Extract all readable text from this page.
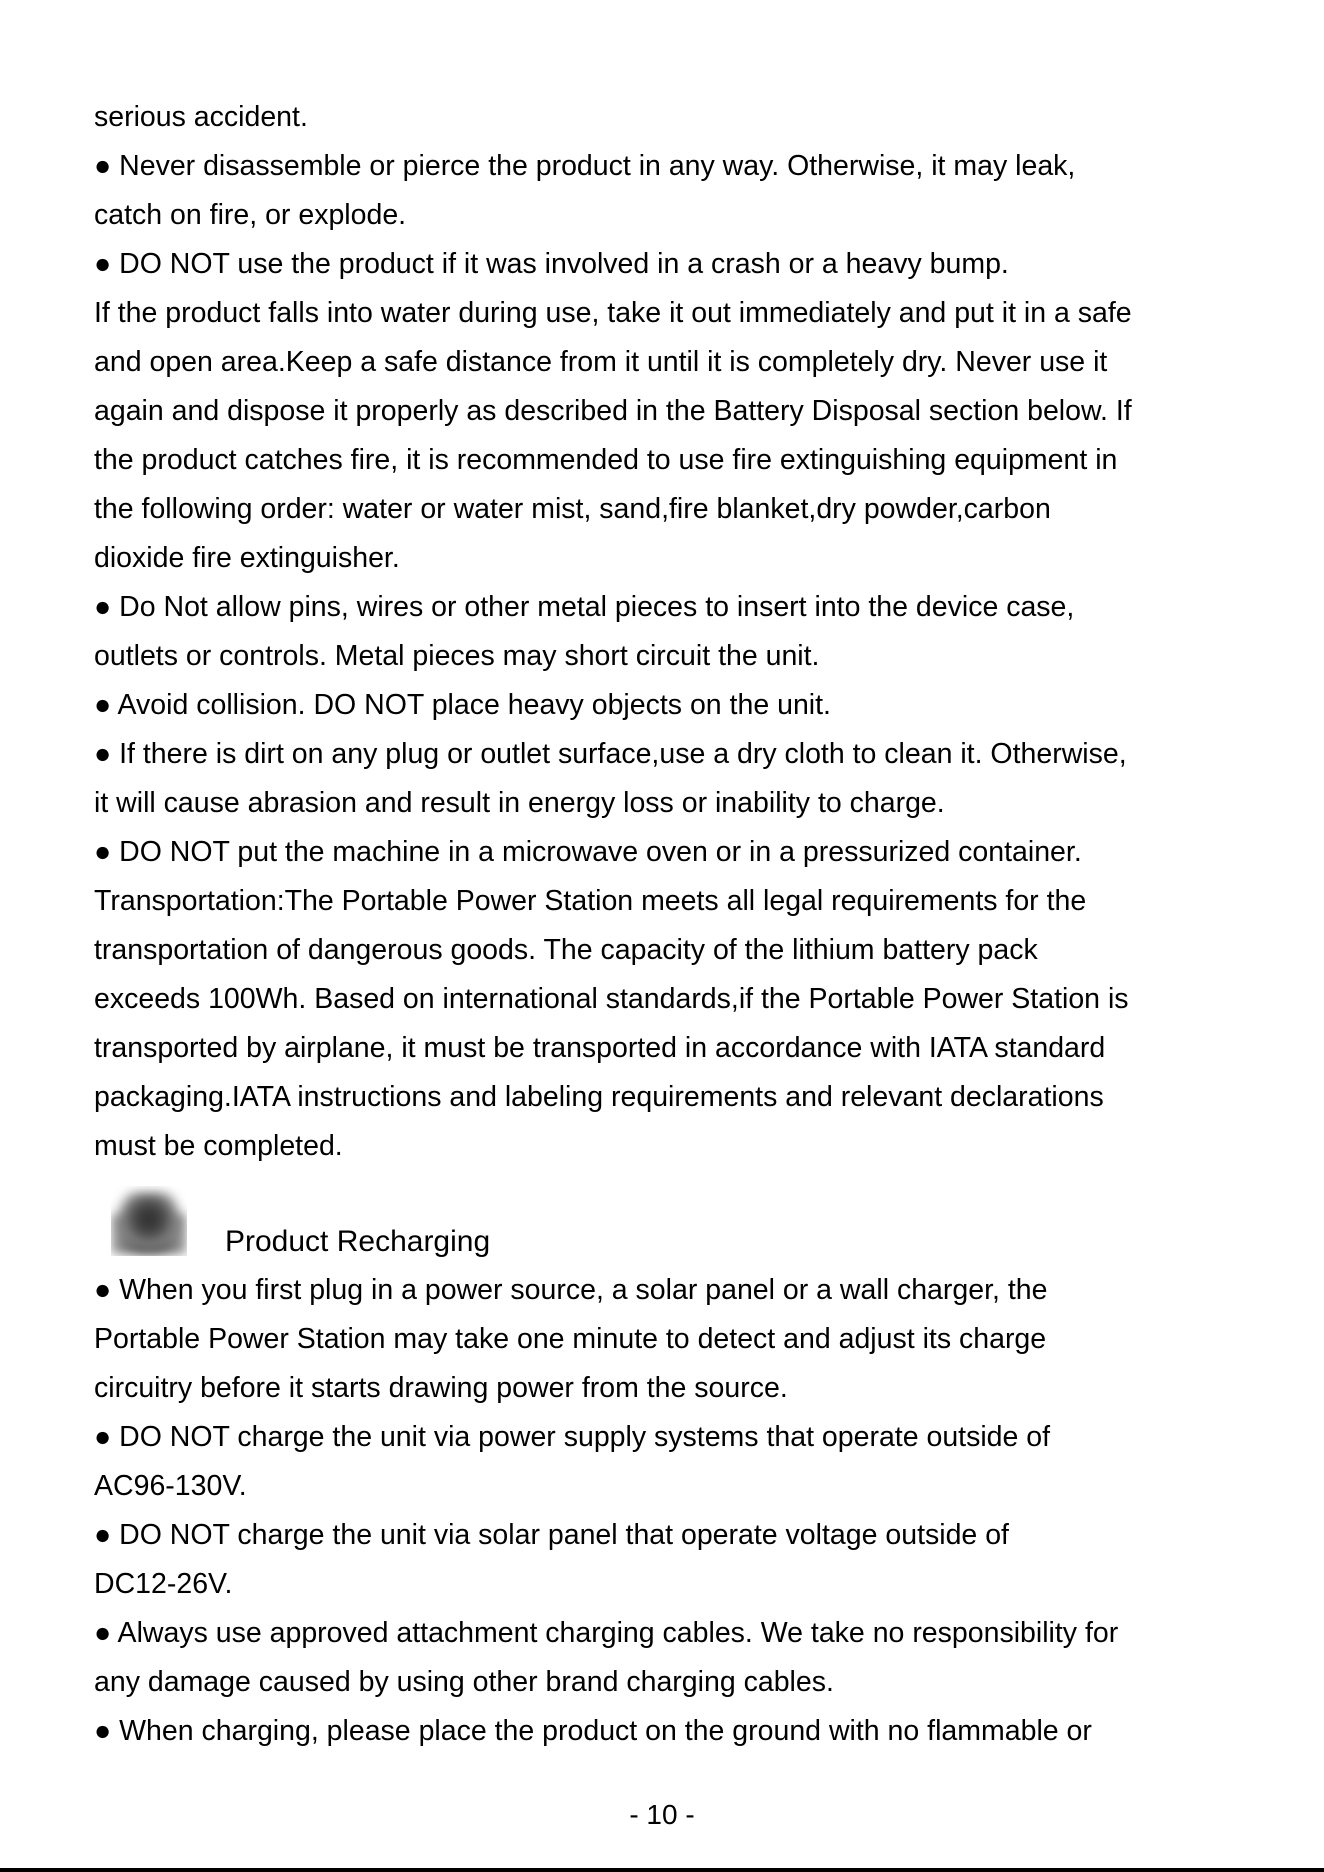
serious accident.
● Never disassemble or pierce the product in any way. Otherwise, it may leak,
catch on fire, or explode.
● DO NOT use the product if it was involved in a crash or a heavy bump.
If the product falls into water during use, take it out immediately and put it in a safe
and open area.Keep a safe distance from it until it is completely dry. Never use it
again and dispose it properly as described in the Battery Disposal section below. If
the product catches fire, it is recommended to use fire extinguishing equipment in
the following order: water or water mist, sand,fire blanket,dry powder,carbon
dioxide fire extinguisher.
● Do Not allow pins, wires or other metal pieces to insert into the device case,
outlets or controls. Metal pieces may short circuit the unit.
● Avoid collision. DO NOT place heavy objects on the unit.
● If there is dirt on any plug or outlet surface,use a dry cloth to clean it. Otherwise,
it will cause abrasion and result in energy loss or inability to charge.
● DO NOT put the machine in a microwave oven or in a pressurized container.
Transportation:The Portable Power Station meets all legal requirements for the
transportation of dangerous goods. The capacity of the lithium battery pack
exceeds 100Wh. Based on international standards,if the Portable Power Station is
transported by airplane, it must be transported in accordance with IATA standard
packaging.IATA instructions and labeling requirements and relevant declarations
must be completed.
Product Recharging
● When you first plug in a power source, a solar panel or a wall charger, the
Portable Power Station may take one minute to detect and adjust its charge
circuitry before it starts drawing power from the source.
● DO NOT charge the unit via power supply systems that operate outside of
AC96-130V.
● DO NOT charge the unit via solar panel that operate voltage outside of
DC12-26V.
● Always use approved attachment charging cables. We take no responsibility for
any damage caused by using other brand charging cables.
● When charging, please place the product on the ground with no flammable or
- 10 -
